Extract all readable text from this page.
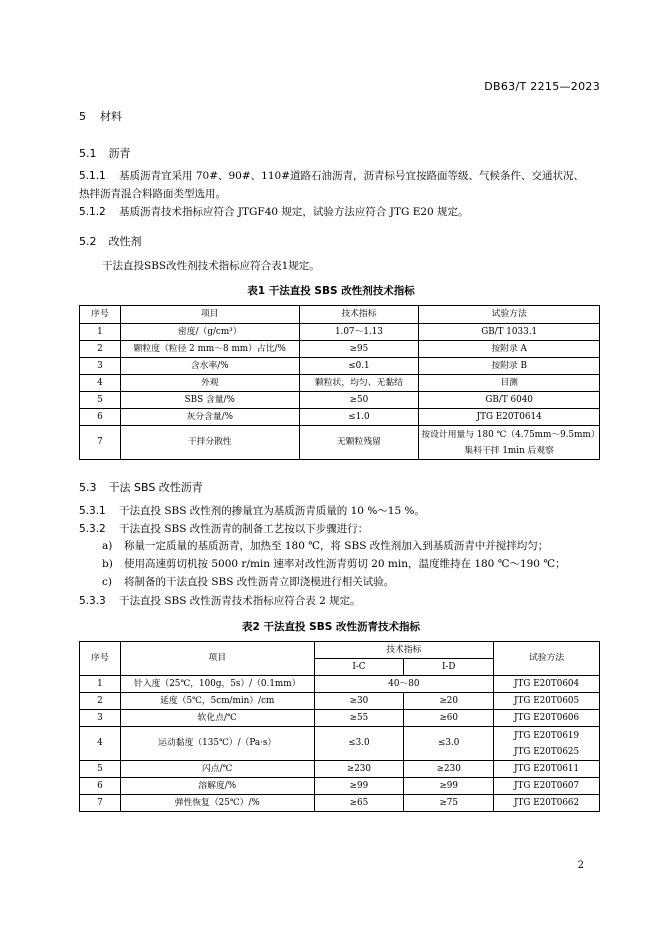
DB63/T 2215—2023
5 材料
5.1 沥青
5.1.1 基质沥青宜采用 70#、90#、110#道路石油沥青，沥青标号宜按路面等级、气候条件、交通状况、
热拌沥青混合料路面类型选用。
5.1.2 基质沥青技术指标应符合 JTGF40 规定，试验方法应符合 JTG E20 规定。
5.2 改性剂
干法直投SBS改性剂技术指标应符合表1规定。
表1 干法直投 SBS 改性剂技术指标
序号	项目	技术指标	试验方法
1	密度/（g/cm³）	1.07～1.13	GB/T 1033.1
2	颗粒度（粒径 2 mm～8 mm）占比/%	≥95	按附录 A
3	含水率/%	≤0.1	按附录 B
4	外观	颗粒状，均匀、无黏结	目测
5	SBS 含量/%	≥50	GB/T 6040
6	灰分含量/%	≤1.0	JTG E20T0614
7	干拌分散性	无颗粒残留	按设计用量与 180 ℃（4.75mm～9.5mm）
集料干拌 1min 后观察
5.3 干法 SBS 改性沥青
5.3.1 干法直投 SBS 改性剂的掺量宜为基质沥青质量的 10 %～15 %。
5.3.2 干法直投 SBS 改性沥青的制备工艺按以下步骤进行：
a) 称量一定质量的基质沥青，加热至 180 ℃，将 SBS 改性剂加入到基质沥青中并搅拌均匀；
b) 使用高速剪切机按 5000 r/min 速率对改性沥青剪切 20 min，温度维持在 180 ℃～190 ℃；
c) 将制备的干法直投 SBS 改性沥青立即浇模进行相关试验。
5.3.3 干法直投 SBS 改性沥青技术指标应符合表 2 规定。
表2 干法直投 SBS 改性沥青技术指标
序号	项目	技术指标		试验方法
		I-C	I-D	
1	针入度（25℃，100g，5s）/（0.1mm）	40～80		JTG E20T0604
2	延度（5℃，5cm/min）/cm	≥30	≥20	JTG E20T0605
3	软化点/℃	≥55	≥60	JTG E20T0606
4	运动黏度（135℃）/（Pa·s）	≤3.0	≤3.0	JTG E20T0619
JTG E20T0625

5	闪点/℃	≥230	≥230	JTG E20T0611
6	溶解度/%	≥99	≥99	JTG E20T0607
7	弹性恢复（25℃）/%	≥65	≥75	JTG E20T0662
2
